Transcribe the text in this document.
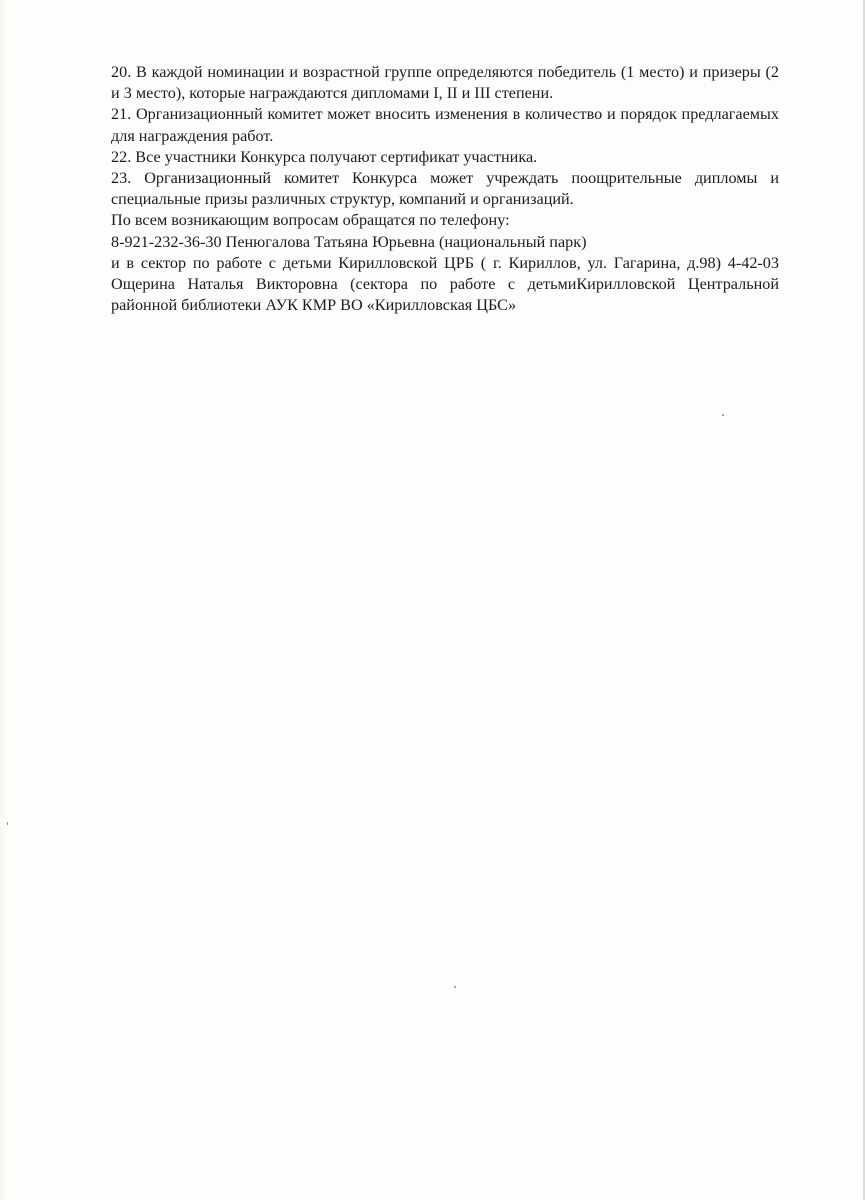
20. В каждой номинации и возрастной группе определяются победитель (1 место) и призеры (2 и 3 место), которые награждаются дипломами I, II и III степени.

21. Организационный комитет может вносить изменения в количество и порядок предлагаемых для награждения работ.

22. Все участники Конкурса получают сертификат участника.

23. Организационный комитет Конкурса может учреждать поощрительные дипломы и специальные призы различных структур, компаний и организаций.

По всем возникающим вопросам обращатся по телефону:

8-921-232-36-30 Пенюгалова Татьяна Юрьевна (национальный парк)

и в сектор по работе с детьми Кирилловской ЦРБ ( г. Кириллов, ул. Гагарина, д.98) 4-42-03 Ощерина Наталья Викторовна (сектора по работе с детьмиКирилловской Центральной районной библиотеки АУК КМР ВО «Кирилловская ЦБС»
